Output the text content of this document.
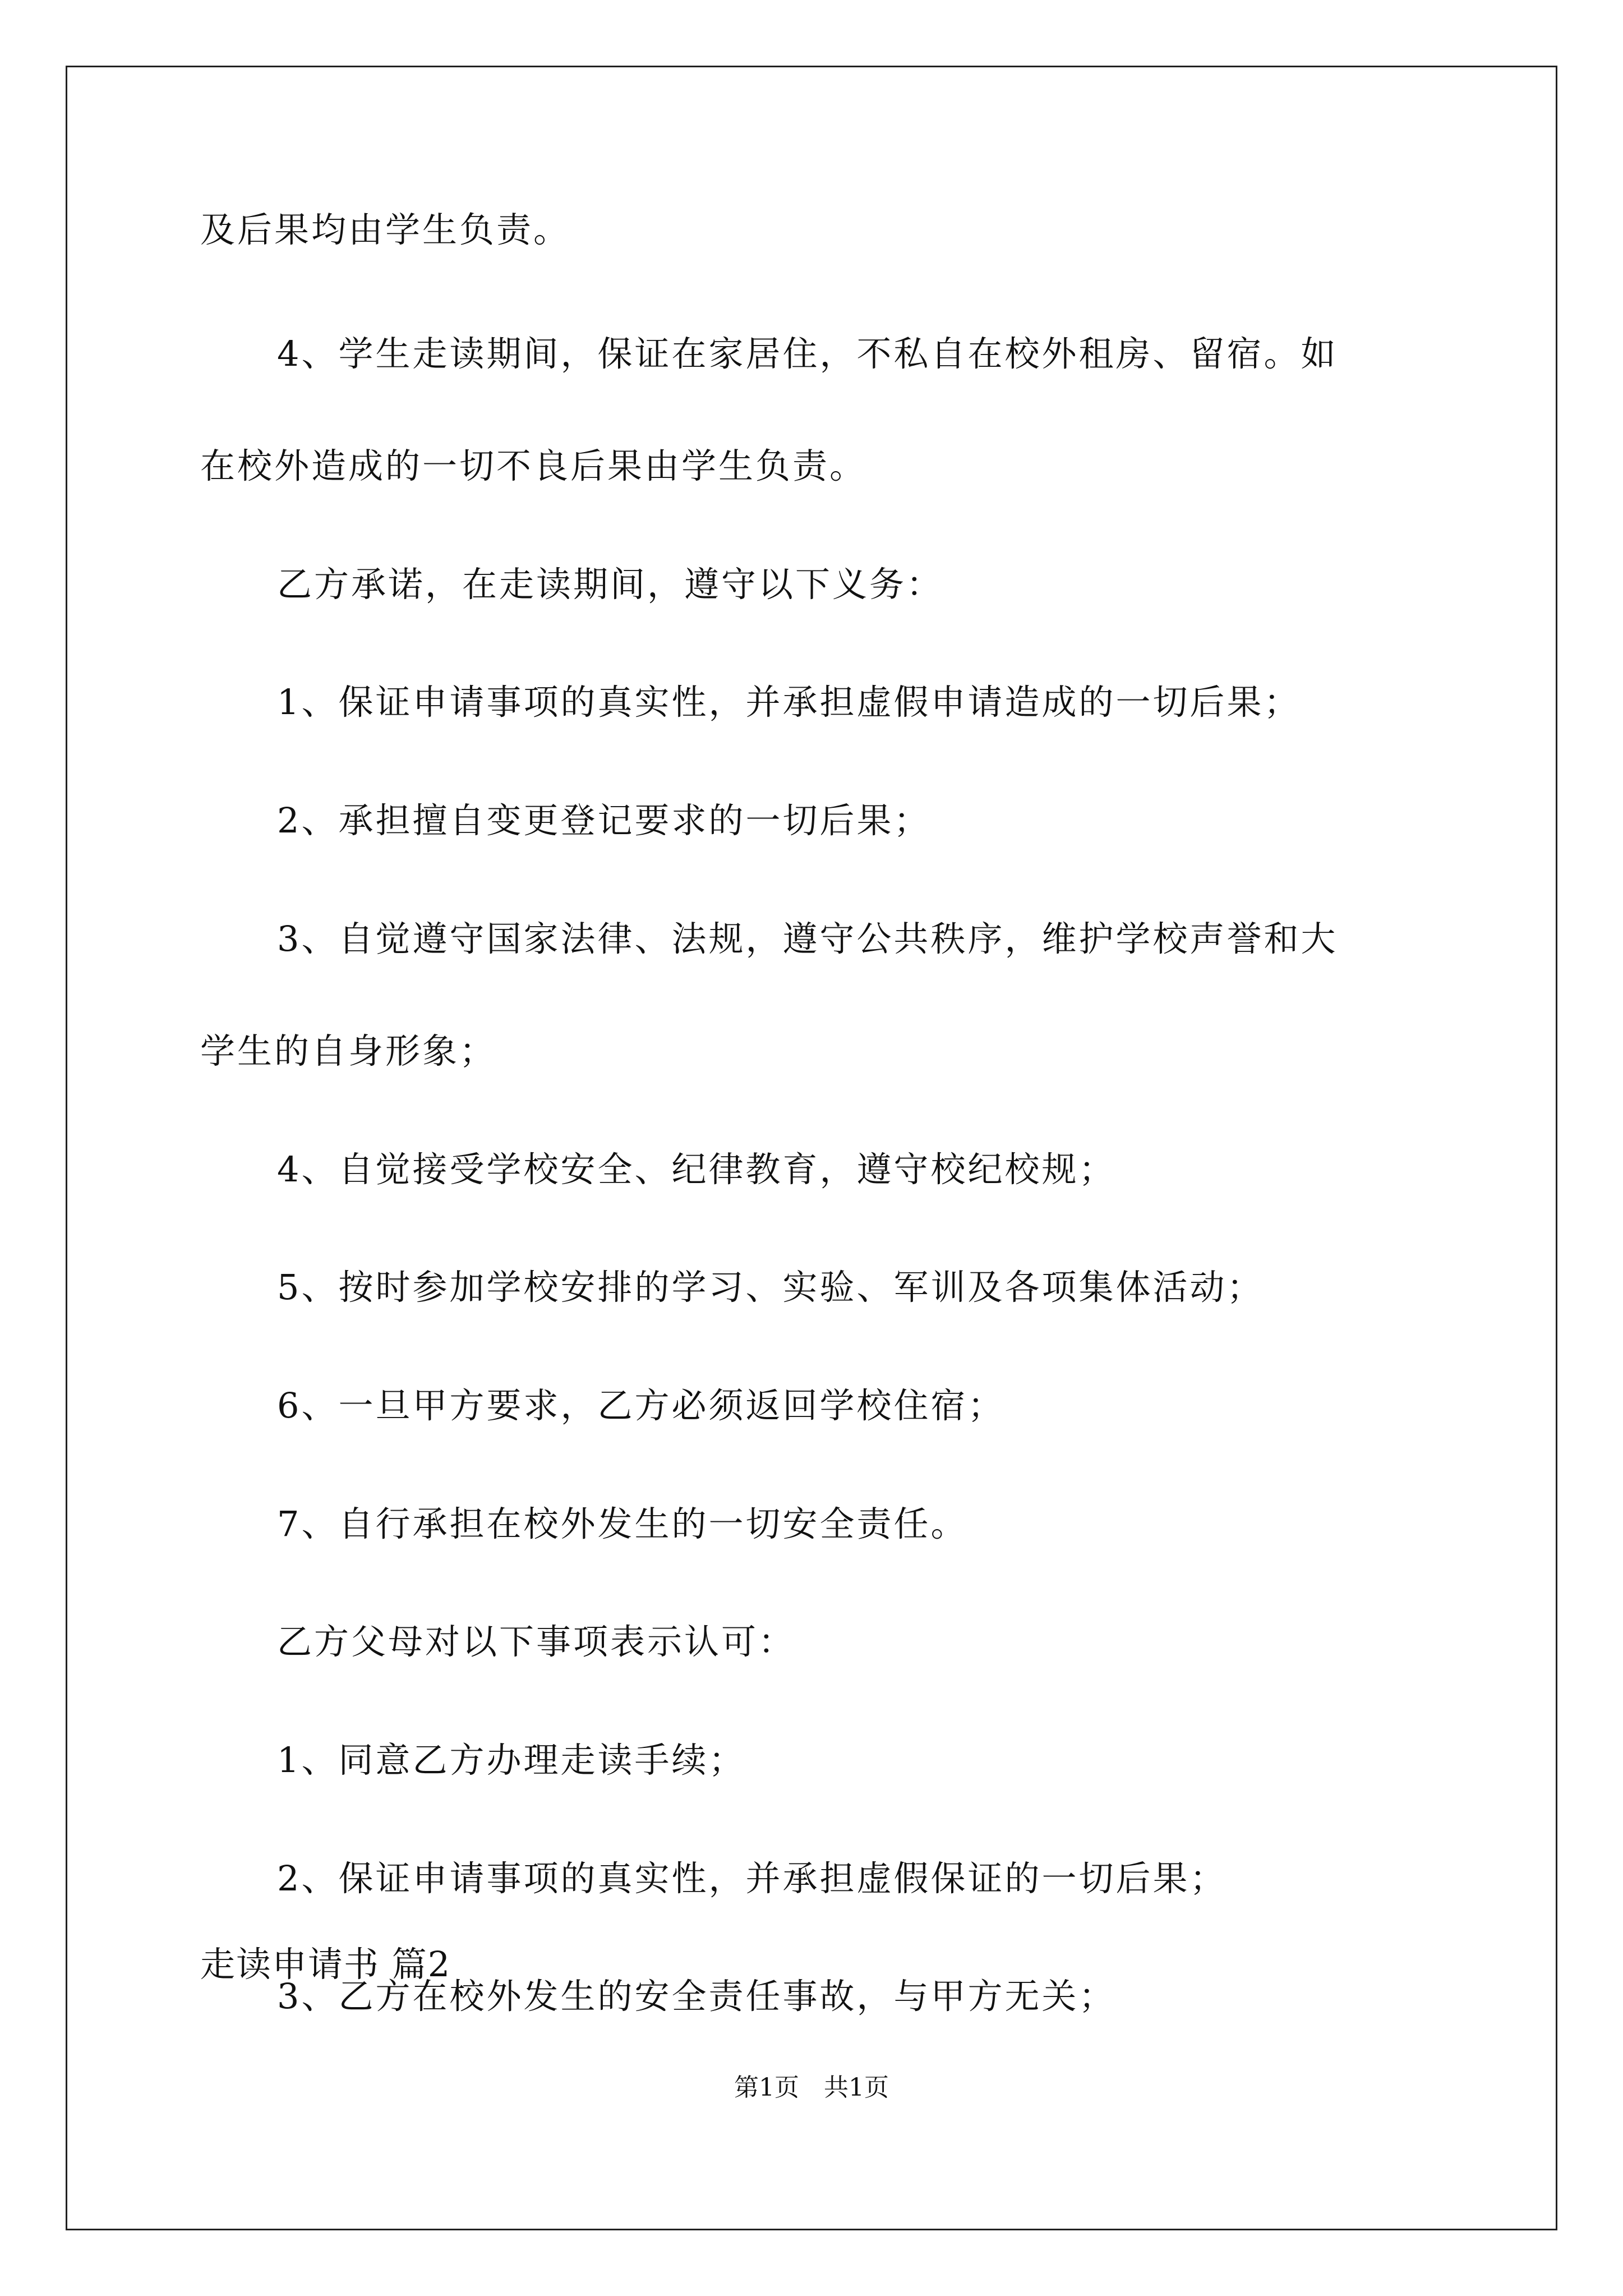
及后果均由学生负责。
4、学生走读期间，保证在家居住，不私自在校外租房、留宿。如
在校外造成的一切不良后果由学生负责。
乙方承诺，在走读期间，遵守以下义务：
1、保证申请事项的真实性，并承担虚假申请造成的一切后果；
2、承担擅自变更登记要求的一切后果；
3、自觉遵守国家法律、法规，遵守公共秩序，维护学校声誉和大
学生的自身形象；
4、自觉接受学校安全、纪律教育，遵守校纪校规；
5、按时参加学校安排的学习、实验、军训及各项集体活动；
6、一旦甲方要求，乙方必须返回学校住宿；
7、自行承担在校外发生的一切安全责任。
乙方父母对以下事项表示认可：
1、同意乙方办理走读手续；
2、保证申请事项的真实性，并承担虚假保证的一切后果；
3、乙方在校外发生的安全责任事故，与甲方无关；
走读申请书 篇2
第1页　共1页
